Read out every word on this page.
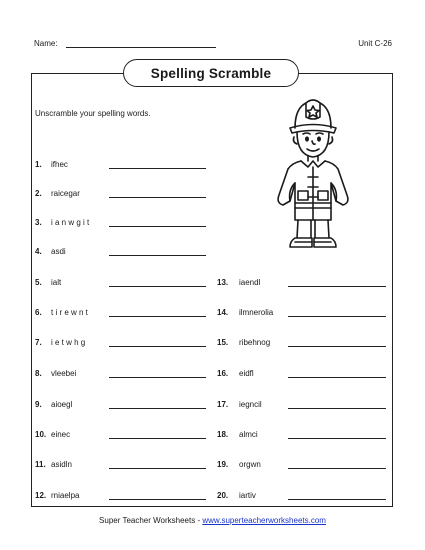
Name:	Unit C-26
Spelling Scramble
Unscramble your spelling words.
1.	ifhec
2.	raicegar
3.	i a n w g i t
4.	asdi
5.	ialt
6.	t i r e w n t
7.	i e t w h g
8.	vleebei
9.	aioegl
10. einec
11. asidln
12. rniaelpa
13.	iaendl
14.	ilmnerolia
15.	ribehnog
16.	eidfl
17.	iegncil
18.	almci
19.	orgwn
20.	iartiv
Super Teacher Worksheets - www.superteacherworksheets.com
